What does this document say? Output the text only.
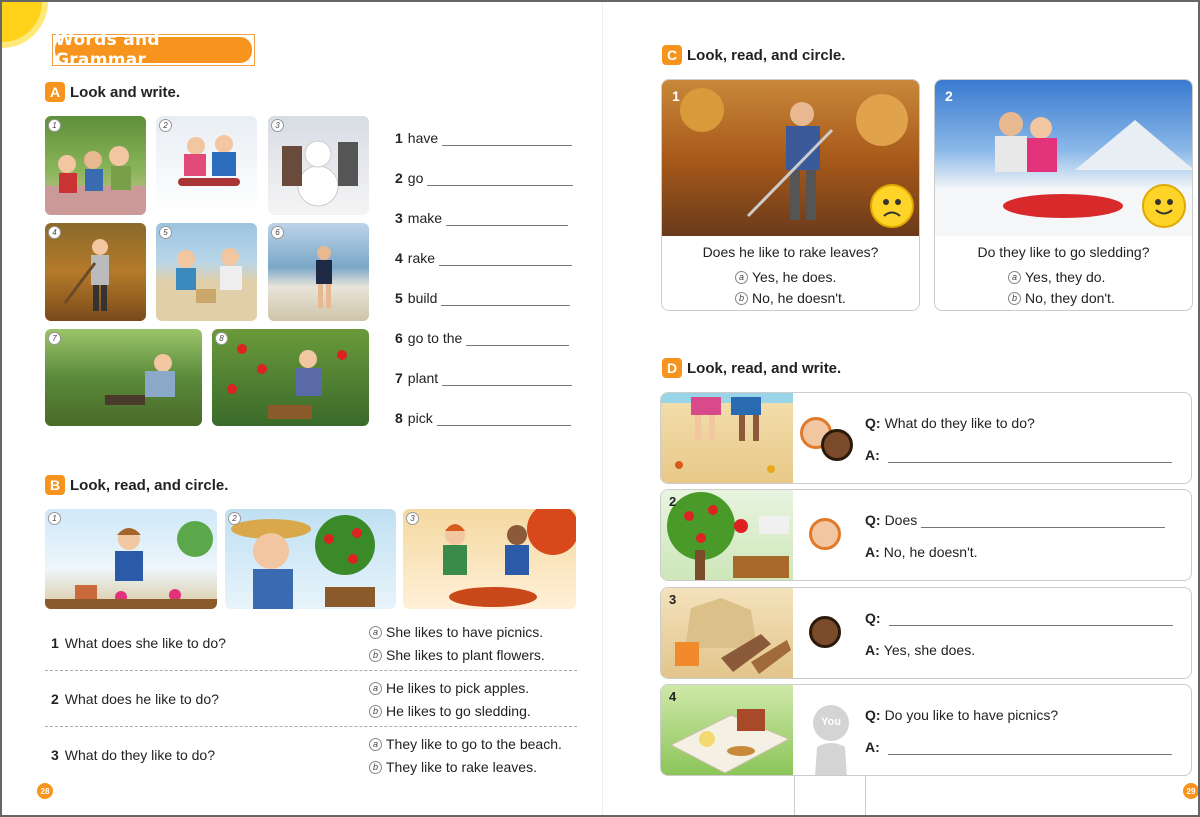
Words and Grammar
A Look and write.
1	2	3
4	5	6
7	8
1 have
2 go
3 make
4 rake
5 build
6 go to the
7 plant
8 pick
B Look, read, and circle.
1	2	3
1 What does she like to do?
a She likes to have picnics.
b She likes to plant flowers.
2 What does he like to do?
a He likes to pick apples.
b He likes to go sledding.
3 What do they like to do?
a They like to go to the beach.
b They like to rake leaves.
28
C Look, read, and circle.
1
Does he like to rake leaves?
a Yes, he does.
b No, he doesn't.
2
Do they like to go sledding?
a Yes, they do.
b No, they don't.
D Look, read, and write.
Q: What do they like to do?
A:
2
Q: Does
A: No, he doesn't.
3
Q:
A: Yes, she does.
4
You	Q: Do you like to have picnics?
A:
29
